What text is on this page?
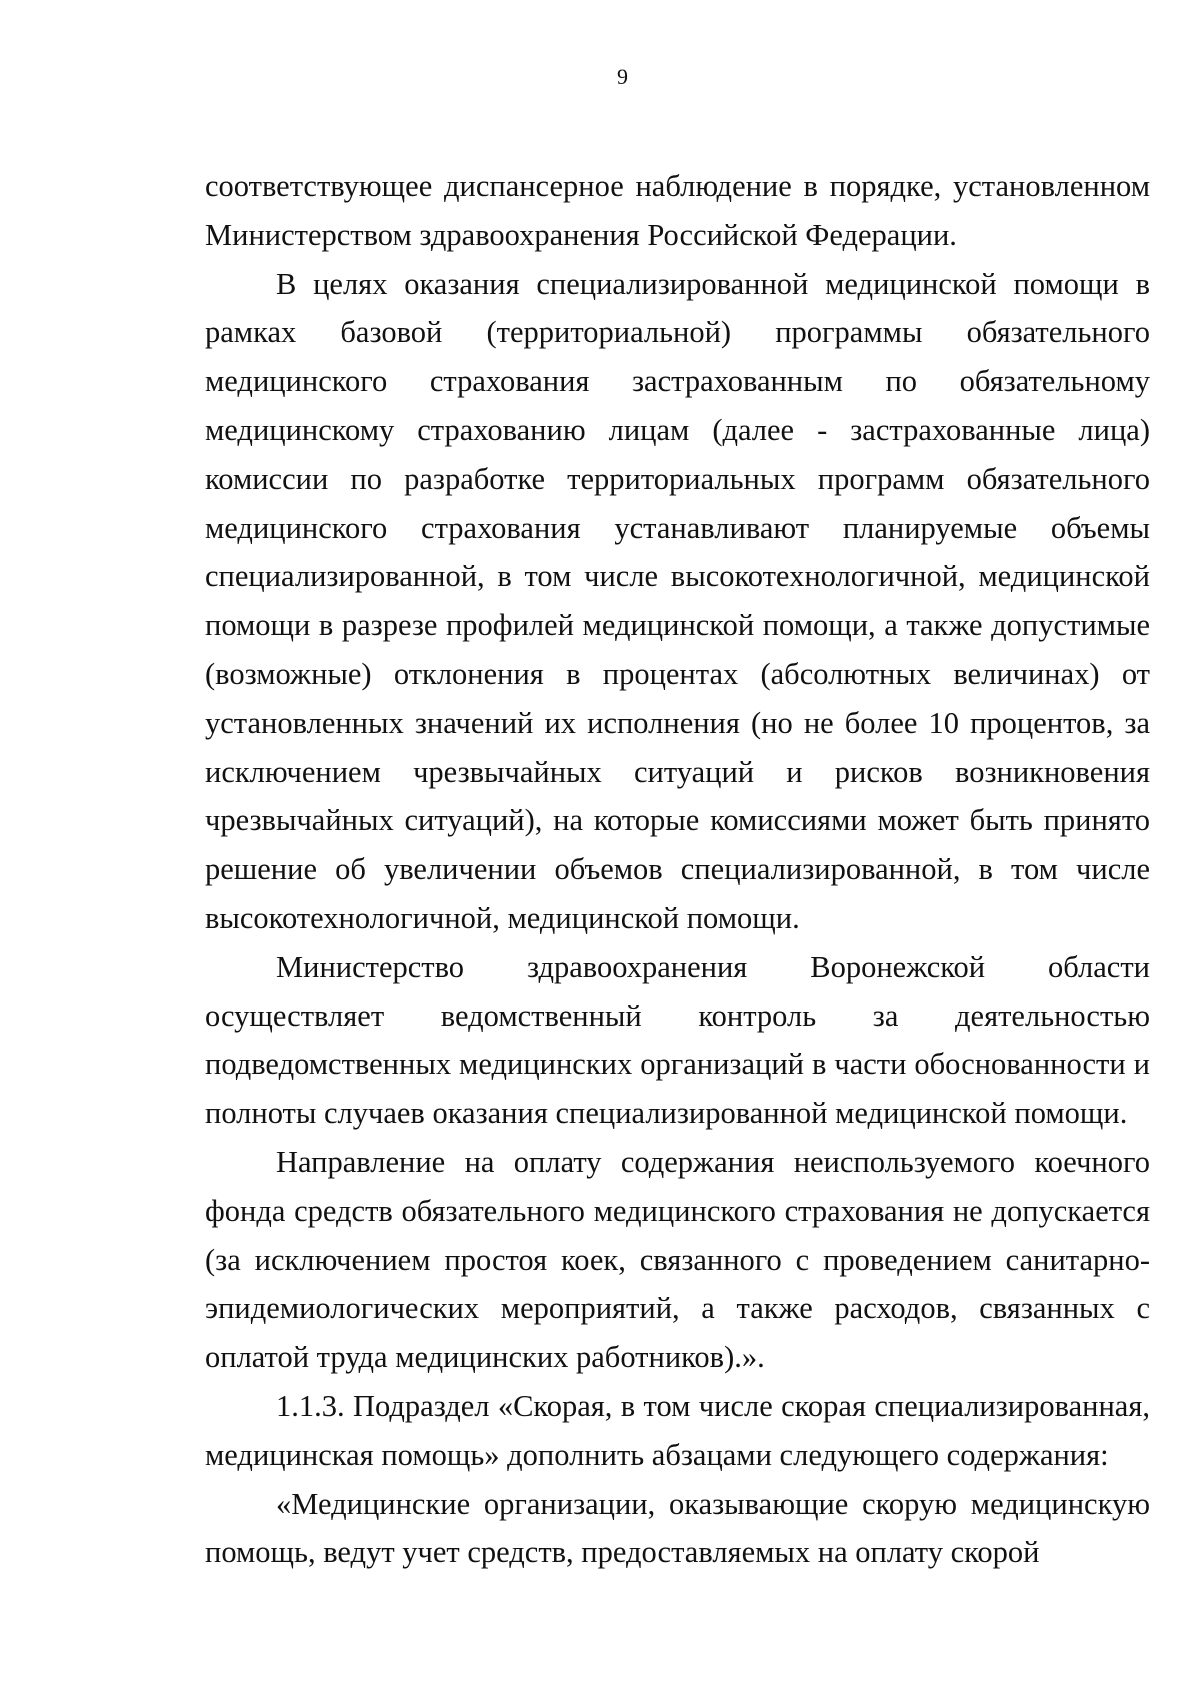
9

соответствующее диспансерное наблюдение в порядке, установленном Министерством здравоохранения Российской Федерации.

В целях оказания специализированной медицинской помощи в рамках базовой (территориальной) программы обязательного медицинского страхования застрахованным по обязательному медицинскому страхованию лицам (далее - застрахованные лица) комиссии по разработке территориальных программ обязательного медицинского страхования устанавливают планируемые объемы специализированной, в том числе высокотехнологичной, медицинской помощи в разрезе профилей медицинской помощи, а также допустимые (возможные) отклонения в процентах (абсолютных величинах) от установленных значений их исполнения (но не более 10 процентов, за исключением чрезвычайных ситуаций и рисков возникновения чрезвычайных ситуаций), на которые комиссиями может быть принято решение об увеличении объемов специализированной, в том числе высокотехнологичной, медицинской помощи.

Министерство здравоохранения Воронежской области осуществляет ведомственный контроль за деятельностью подведомственных медицинских организаций в части обоснованности и полноты случаев оказания специализированной медицинской помощи.

Направление на оплату содержания неиспользуемого коечного фонда средств обязательного медицинского страхования не допускается (за исключением простоя коек, связанного с проведением санитарно-эпидемиологических мероприятий, а также расходов, связанных с оплатой труда медицинских работников).».

1.1.3. Подраздел «Скорая, в том числе скорая специализированная, медицинская помощь» дополнить абзацами следующего содержания:

«Медицинские организации, оказывающие скорую медицинскую помощь, ведут учет средств, предоставляемых на оплату скорой
